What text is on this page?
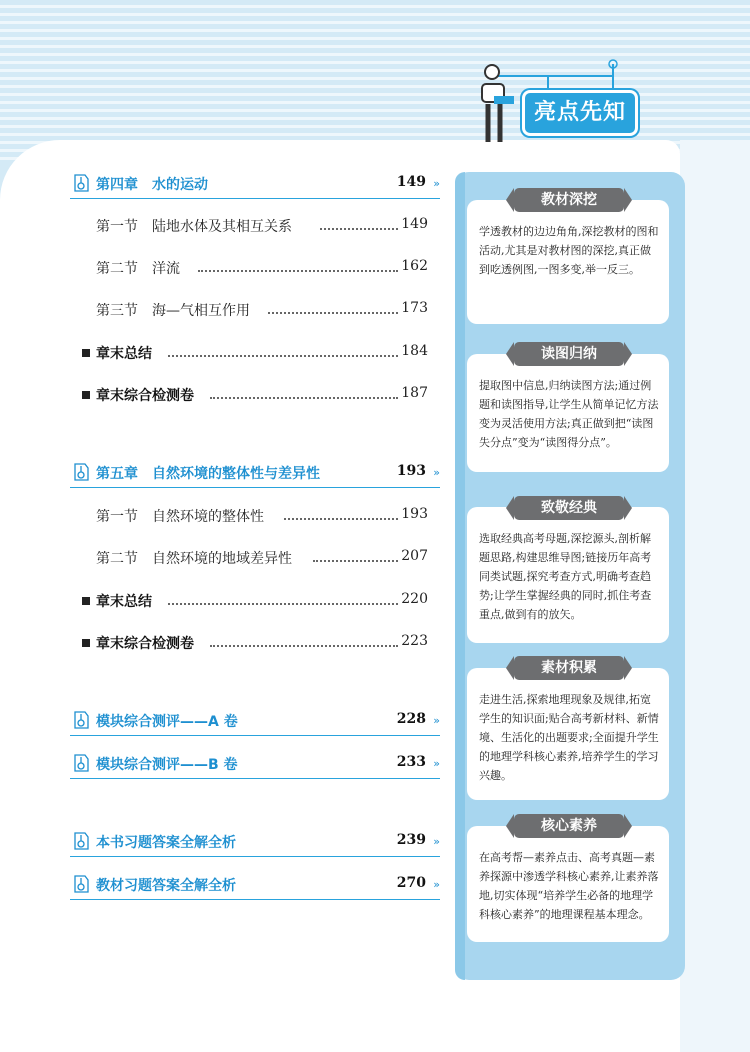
亮点先知
第四章　水的运动	149 »
第一节　陆地水体及其相互关系	149
第二节　洋流	162
第三节　海—气相互作用	173
章末总结	184
章末综合检测卷	187
第五章　自然环境的整体性与差异性	193 »
第一节　自然环境的整体性	193
第二节　自然环境的地域差异性	207
章末总结	220
章末综合检测卷	223
模块综合测评——A 卷	228 »
模块综合测评——B 卷	233 »
本书习题答案全解全析	239 »
教材习题答案全解全析	270 »
学透教材的边边角角,深挖教材的图和活动,尤其是对教材图的深挖,真正做到吃透例图,一图多变,举一反三。
教材深挖
提取图中信息,归纳读图方法;通过例题和读图指导,让学生从简单记忆方法变为灵活使用方法;真正做到把“读图失分点”变为“读图得分点”。
读图归纳
选取经典高考母题,深挖源头,剖析解题思路,构建思维导图;链接历年高考同类试题,探究考查方式,明确考查趋势;让学生掌握经典的同时,抓住考查重点,做到有的放矢。
致敬经典
走进生活,探索地理现象及规律,拓宽学生的知识面;贴合高考新材料、新情境、生活化的出题要求;全面提升学生的地理学科核心素养,培养学生的学习兴趣。
素材积累
在高考帮—素养点击、高考真题—素养探源中渗透学科核心素养,让素养落地,切实体现“培养学生必备的地理学科核心素养”的地理课程基本理念。
核心素养
